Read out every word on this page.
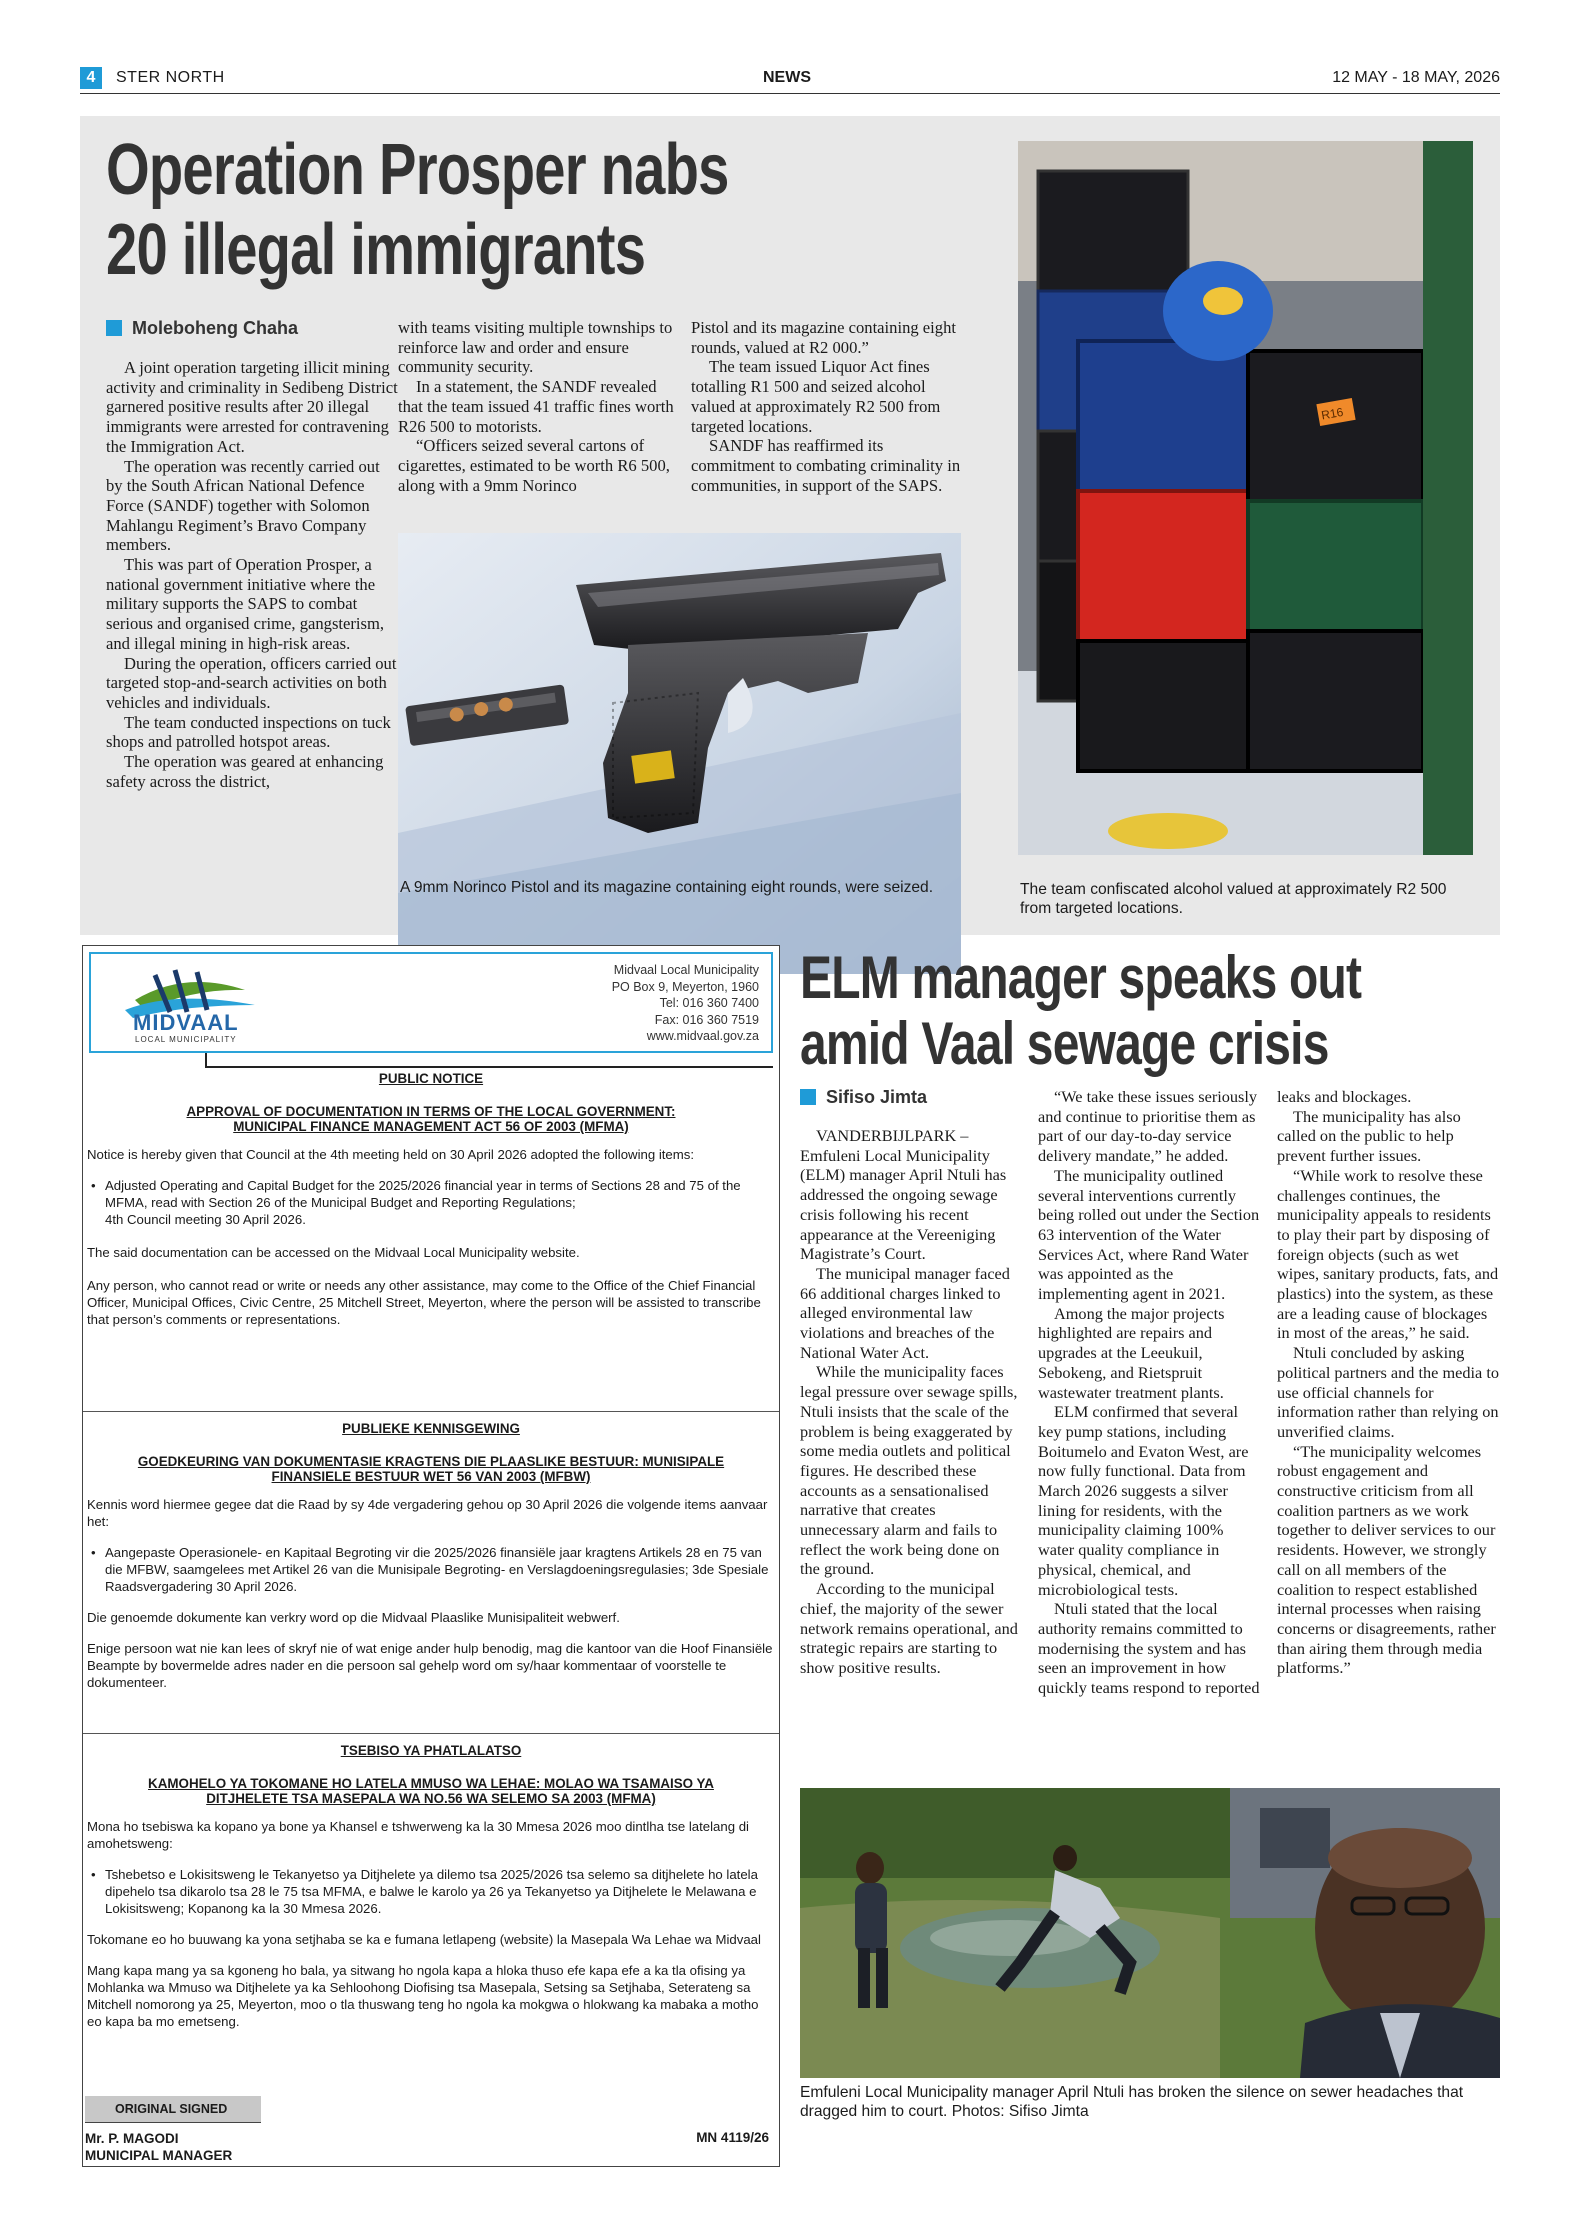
4	STER NORTH	NEWS	12 MAY - 18 MAY, 2026
Operation Prosper nabs
20 illegal immigrants
Moleboheng Chaha

A joint operation targeting illicit mining activity and criminality in Sedibeng District garnered positive results after 20 illegal immigrants were arrested for contravening the Immigration Act.

The operation was recently carried out by the South African National Defence Force (SANDF) together with Solomon Mahlangu Regiment’s Bravo Company members.

This was part of Operation Prosper, a national government initiative where the military supports the SAPS to combat serious and organised crime, gangsterism, and illegal mining in high-risk areas.

During the operation, officers carried out targeted stop-and-search activities on both vehicles and individuals.

The team conducted inspections on tuck shops and patrolled hotspot areas.

The operation was geared at enhancing safety across the district,

with teams visiting multiple townships to reinforce law and order and ensure community security.

In a statement, the SANDF revealed that the team issued 41 traffic fines worth R26 500 to motorists.

“Officers seized several cartons of cigarettes, estimated to be worth R6 500, along with a 9mm Norinco

Pistol and its magazine containing eight rounds, valued at R2 000.”

The team issued Liquor Act fines totalling R1 500 and seized alcohol valued at approximately R2 500 from targeted locations.

SANDF has reaffirmed its commitment to combating criminality in communities, in support of the SAPS.

A 9mm Norinco Pistol and its magazine containing eight rounds, were seized.
R16
The team confiscated alcohol valued at approximately R2 500 from targeted locations.
MIDVAAL
LOCAL MUNICIPALITY
Midvaal Local Municipality
PO Box 9, Meyerton, 1960
Tel: 016 360 7400
Fax: 016 360 7519
www.midvaal.gov.za
PUBLIC NOTICE
APPROVAL OF DOCUMENTATION IN TERMS OF THE LOCAL GOVERNMENT:
MUNICIPAL FINANCE MANAGEMENT ACT 56 OF 2003 (MFMA)
Notice is hereby given that Council at the 4th meeting held on 30 April 2026 adopted the following items:
• Adjusted Operating and Capital Budget for the 2025/2026 financial year in terms of Sections 28 and 75 of the MFMA, read with Section 26 of the Municipal Budget and Reporting Regulations;
4th Council meeting 30 April 2026.
The said documentation can be accessed on the Midvaal Local Municipality website.
Any person, who cannot read or write or needs any other assistance, may come to the Office of the Chief Financial Officer, Municipal Offices, Civic Centre, 25 Mitchell Street, Meyerton, where the person will be assisted to transcribe that person’s comments or representations.
PUBLIEKE KENNISGEWING
GOEDKEURING VAN DOKUMENTASIE KRAGTENS DIE PLAASLIKE BESTUUR: MUNISIPALE
FINANSIELE BESTUUR WET 56 VAN 2003 (MFBW)
Kennis word hiermee gegee dat die Raad by sy 4de vergadering gehou op 30 April 2026 die volgende items aanvaar het:
• Aangepaste Operasionele- en Kapitaal Begroting vir die 2025/2026 finansiële jaar kragtens Artikels 28 en 75 van die MFBW, saamgelees met Artikel 26 van die Munisipale Begroting- en Verslagdoeningsregulasies; 3de Spesiale Raadsvergadering 30 April 2026.
Die genoemde dokumente kan verkry word op die Midvaal Plaaslike Munisipaliteit webwerf.
Enige persoon wat nie kan lees of skryf nie of wat enige ander hulp benodig, mag die kantoor van die Hoof Finansiële Beampte by bovermelde adres nader en die persoon sal gehelp word om sy/haar kommentaar of voorstelle te dokumenteer.
TSEBISO YA PHATLALATSO
KAMOHELO YA TOKOMANE HO LATELA MMUSO WA LEHAE: MOLAO WA TSAMAISO YA
DITJHELETE TSA MASEPALA WA NO.56 WA SELEMO SA 2003 (MFMA)
Mona ho tsebiswa ka kopano ya bone ya Khansel e tshwerweng ka la 30 Mmesa 2026 moo dintlha tse latelang di amohetsweng:
• Tshebetso e Lokisitsweng le Tekanyetso ya Ditjhelete ya dilemo tsa 2025/2026 tsa selemo sa ditjhelete ho latela dipehelo tsa dikarolo tsa 28 le 75 tsa MFMA, e balwe le karolo ya 26 ya Tekanyetso ya Ditjhelete le Melawana e Lokisitsweng; Kopanong ka la 30 Mmesa 2026.
Tokomane eo ho buuwang ka yona setjhaba se ka e fumana letlapeng (website) la Masepala Wa Lehae wa Midvaal
Mang kapa mang ya sa kgoneng ho bala, ya sitwang ho ngola kapa a hloka thuso efe kapa efe a ka tla ofising ya Mohlanka wa Mmuso wa Ditjhelete ya ka Sehloohong Diofising tsa Masepala, Setsing sa Setjhaba, Seterateng sa Mitchell nomorong ya 25, Meyerton, moo o tla thuswang teng ho ngola ka mokgwa o hlokwang ka mabaka a motho eo kapa ba mo emetseng.
ORIGINAL SIGNED
Mr. P. MAGODI
MUNICIPAL MANAGER
MN 4119/26
ELM manager speaks out
amid Vaal sewage crisis
Sifiso Jimta

VANDERBIJLPARK – Emfuleni Local Municipality (ELM) manager April Ntuli has addressed the ongoing sewage crisis following his recent appearance at the Vereeniging Magistrate’s Court.

The municipal manager faced 66 additional charges linked to alleged environmental law violations and breaches of the National Water Act.

While the municipality faces legal pressure over sewage spills, Ntuli insists that the scale of the problem is being exaggerated by some media outlets and political figures. He described these accounts as a sensationalised narrative that creates unnecessary alarm and fails to reflect the work being done on the ground.

According to the municipal chief, the majority of the sewer network remains operational, and strategic repairs are starting to show positive results.

“We take these issues seriously and continue to prioritise them as part of our day-to-day service delivery mandate,” he added.

The municipality outlined several interventions currently being rolled out under the Section 63 intervention of the Water Services Act, where Rand Water was appointed as the implementing agent in 2021.

Among the major projects highlighted are repairs and upgrades at the Leeukuil, Sebokeng, and Rietspruit wastewater treatment plants.

ELM confirmed that several key pump stations, including Boitumelo and Evaton West, are now fully functional. Data from March 2026 suggests a silver lining for residents, with the municipality claiming 100% water quality compliance in physical, chemical, and microbiological tests.

Ntuli stated that the local authority remains committed to modernising the system and has seen an improvement in how quickly teams respond to reported

leaks and blockages.

The municipality has also called on the public to help prevent further issues.

“While work to resolve these challenges continues, the municipality appeals to residents to play their part by disposing of foreign objects (such as wet wipes, sanitary products, fats, and plastics) into the system, as these are a leading cause of blockages in most of the areas,” he said.

Ntuli concluded by asking political partners and the media to use official channels for information rather than relying on unverified claims.

“The municipality welcomes robust engagement and constructive criticism from all coalition partners as we work together to deliver services to our residents. However, we strongly call on all members of the coalition to respect established internal processes when raising concerns or disagreements, rather than airing them through media platforms.”

Emfuleni Local Municipality manager April Ntuli has broken the silence on sewer headaches that dragged him to court. Photos: Sifiso Jimta
